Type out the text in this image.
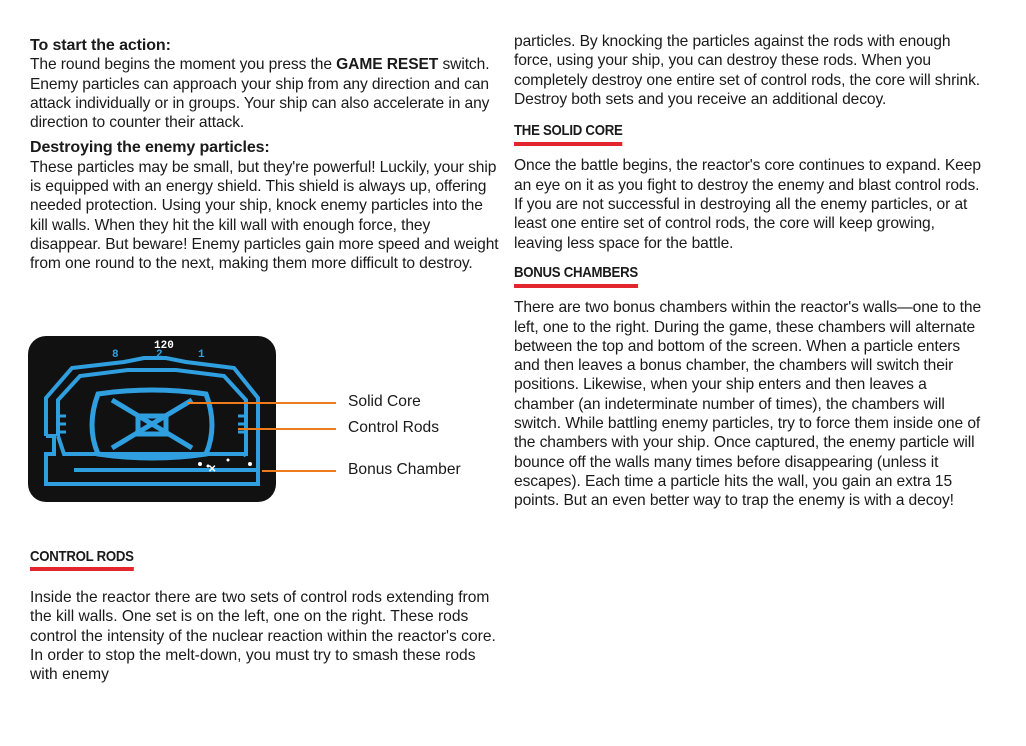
To start the action:

The round begins the moment you press the GAME RESET switch. Enemy particles can approach your ship from any direction and can attack individually or in groups. Your ship can also accelerate in any direction to counter their attack.

Destroying the enemy particles:

These particles may be small, but they're powerful! Luckily, your ship is equipped with an energy shield. This shield is always up, offering needed protection. Using your ship, knock enemy particles into the kill walls. When they hit the kill wall with enough force, they disappear. But beware! Enemy particles gain more speed and weight from one round to the next, making them more difficult to destroy.

120
8	2	1
✕
Solid Core
Control Rods
Bonus Chamber

CONTROL RODS

Inside the reactor there are two sets of control rods extending from the kill walls. One set is on the left, one on the right. These rods control the intensity of the nuclear reaction within the reactor's core. In order to stop the melt-down, you must try to smash these rods with enemy

particles. By knocking the particles against the rods with enough force, using your ship, you can destroy these rods. When you completely destroy one entire set of control rods, the core will shrink. Destroy both sets and you receive an additional decoy.

THE SOLID CORE

Once the battle begins, the reactor's core continues to expand. Keep an eye on it as you fight to destroy the enemy and blast control rods. If you are not successful in destroying all the enemy particles, or at least one entire set of control rods, the core will keep growing, leaving less space for the battle.

BONUS CHAMBERS

There are two bonus chambers within the reactor's walls—one to the left, one to the right. During the game, these chambers will alternate between the top and bottom of the screen. When a particle enters and then leaves a bonus chamber, the chambers will switch their positions. Likewise, when your ship enters and then leaves a chamber (an indeterminate number of times), the chambers will switch. While battling enemy particles, try to force them inside one of the chambers with your ship. Once captured, the enemy particle will bounce off the walls many times before disappearing (unless it escapes). Each time a particle hits the wall, you gain an extra 15 points. But an even better way to trap the enemy is with a decoy!
